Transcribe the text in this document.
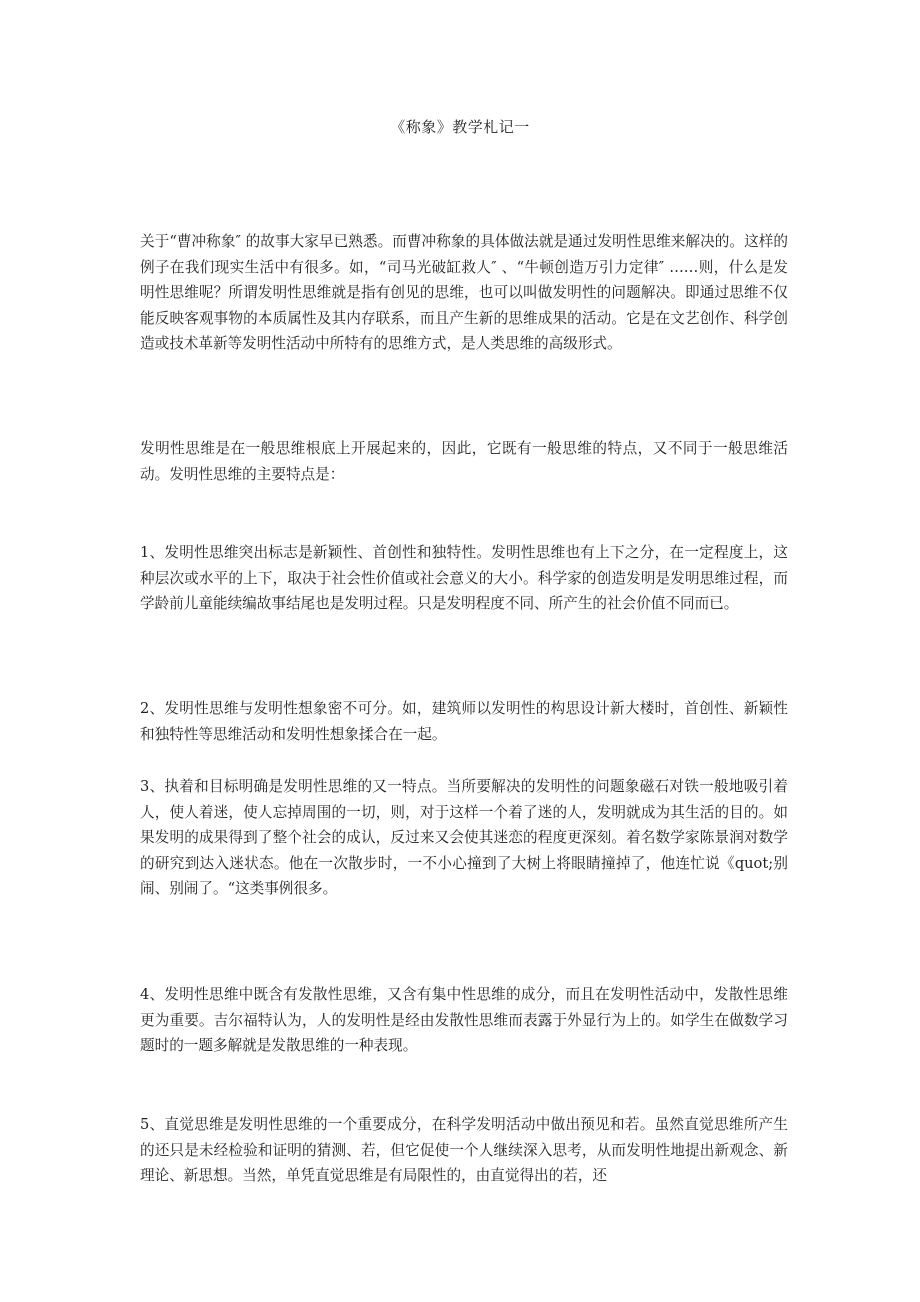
《称象》教学札记一

关于“曹冲称象″ 的故事大家早已熟悉。而曹冲称象的具体做法就是通过发明性思维来解决的。这样的例子在我们现实生活中有很多。如，“司马光破缸救人″ 、“牛顿创造万引力定律″ ……则，什么是发明性思维呢？所谓发明性思维就是指有创见的思维，也可以叫做发明性的问题解决。即通过思维不仅能反映客观事物的本质属性及其内存联系，而且产生新的思维成果的活动。它是在文艺创作、科学创造或技术革新等发明性活动中所特有的思维方式，是人类思维的高级形式。

发明性思维是在一般思维根底上开展起来的，因此，它既有一般思维的特点，又不同于一般思维活动。发明性思维的主要特点是：

1、发明性思维突出标志是新颖性、首创性和独特性。发明性思维也有上下之分，在一定程度上，这种层次或水平的上下，取决于社会性价值或社会意义的大小。科学家的创造发明是发明思维过程，而学龄前儿童能续编故事结尾也是发明过程。只是发明程度不同、所产生的社会价值不同而已。

2、发明性思维与发明性想象密不可分。如，建筑师以发明性的构思设计新大楼时，首创性、新颖性和独特性等思维活动和发明性想象揉合在一起。

3、执着和目标明确是发明性思维的又一特点。当所要解决的发明性的问题象磁石对铁一般地吸引着人，使人着迷，使人忘掉周围的一切，则，对于这样一个着了迷的人，发明就成为其生活的目的。如果发明的成果得到了整个社会的成认，反过来又会使其迷恋的程度更深刻。着名数学家陈景润对数学的研究到达入迷状态。他在一次散步时，一不小心撞到了大树上将眼睛撞掉了，他连忙说《quot;别闹、别闹了。“这类事例很多。

4、发明性思维中既含有发散性思维，又含有集中性思维的成分，而且在发明性活动中，发散性思维更为重要。吉尔福特认为，人的发明性是经由发散性思维而表露于外显行为上的。如学生在做数学习题时的一题多解就是发散思维的一种表现。

5、直觉思维是发明性思维的一个重要成分，在科学发明活动中做出预见和若。虽然直觉思维所产生的还只是未经检验和证明的猜测、若，但它促使一个人继续深入思考，从而发明性地提出新观念、新理论、新思想。当然，单凭直觉思维是有局限性的，由直觉得出的若，还
